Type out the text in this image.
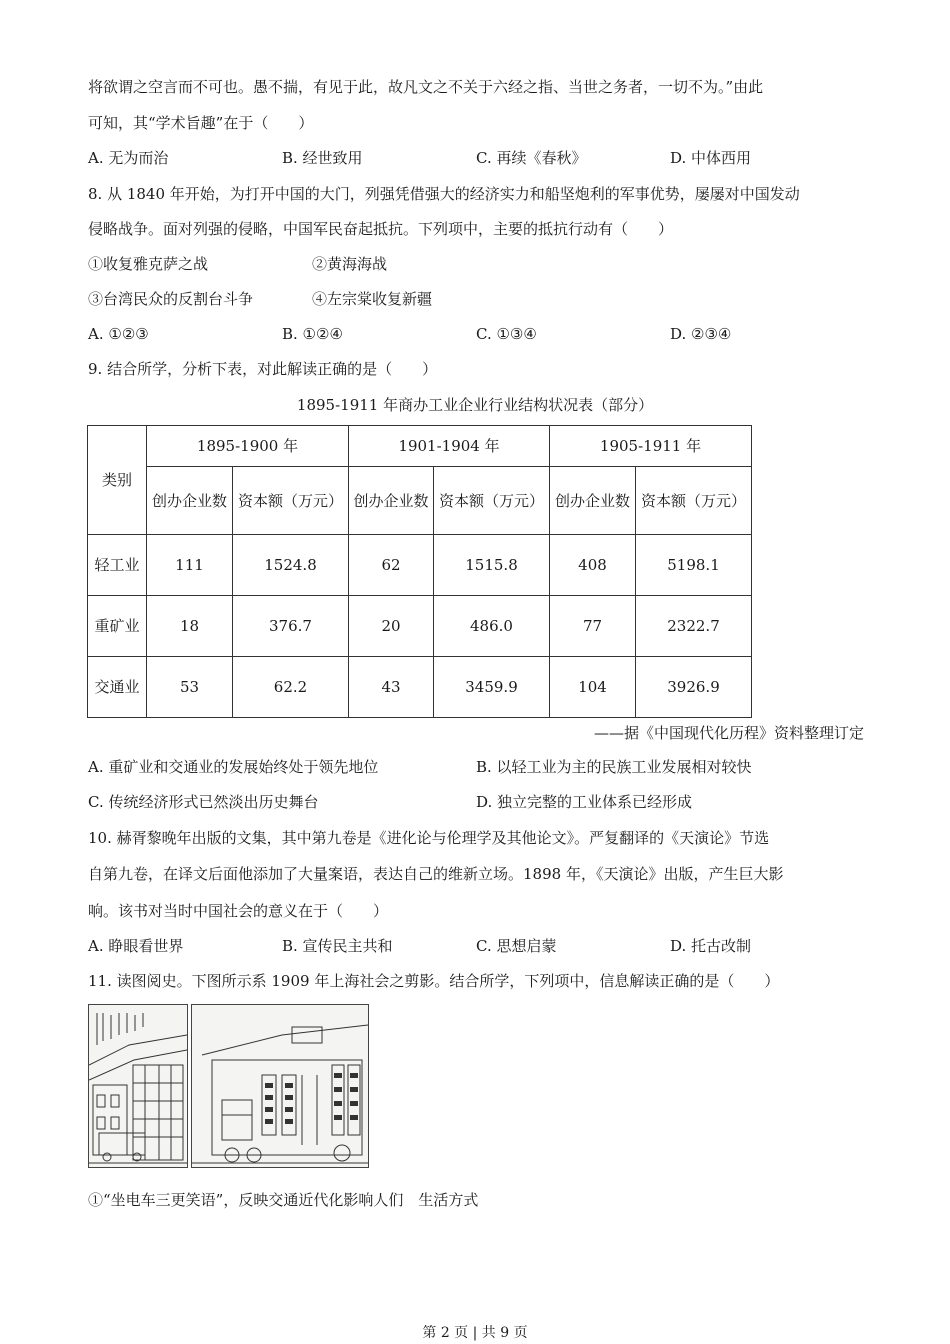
将欲谓之空言而不可也。愚不揣，有见于此，故凡文之不关于六经之指、当世之务者，一切不为。”由此
可知，其“学术旨趣”在于（　　）
A. 无为而治	B. 经世致用	C. 再续《春秋》	D. 中体西用
8. 从 1840 年开始，为打开中国的大门，列强凭借强大的经济实力和船坚炮利的军事优势，屡屡对中国发动
侵略战争。面对列强的侵略，中国军民奋起抵抗。下列项中，主要的抵抗行动有（　　）
①收复雅克萨之战	②黄海海战
③台湾民众的反割台斗争	④左宗棠收复新疆
A. ①②③	B. ①②④	C. ①③④	D. ②③④
9. 结合所学，分析下表，对此解读正确的是（　　）
1895-1911 年商办工业企业行业结构状况表（部分）
类别	1895-1900 年		1901-1904 年		1905-1911 年	
	创办企业数	资本额（万元）	创办企业数	资本额（万元）	创办企业数	资本额（万元）
轻工业	111	1524.8	62	1515.8	408	5198.1
重矿业	18	376.7	20	486.0	77	2322.7
交通业	53	62.2	43	3459.9	104	3926.9
——据《中国现代化历程》资料整理订定
A. 重矿业和交通业的发展始终处于领先地位	B. 以轻工业为主的民族工业发展相对较快
C. 传统经济形式已然淡出历史舞台	D. 独立完整的工业体系已经形成
10. 赫胥黎晚年出版的文集，其中第九卷是《进化论与伦理学及其他论文》。严复翻译的《天演论》节选
自第九卷，在译文后面他添加了大量案语，表达自己的维新立场。1898 年，《天演论》出版，产生巨大影
响。该书对当时中国社会的意义在于（　　）
A. 睁眼看世界	B. 宣传民主共和	C. 思想启蒙	D. 托古改制
11. 读图阅史。下图所示系 1909 年上海社会之剪影。结合所学，下列项中，信息解读正确的是（　　）
①“坐电车三更笑语”，反映交通近代化影响人们　生活方式
第 2 页 | 共 9 页
